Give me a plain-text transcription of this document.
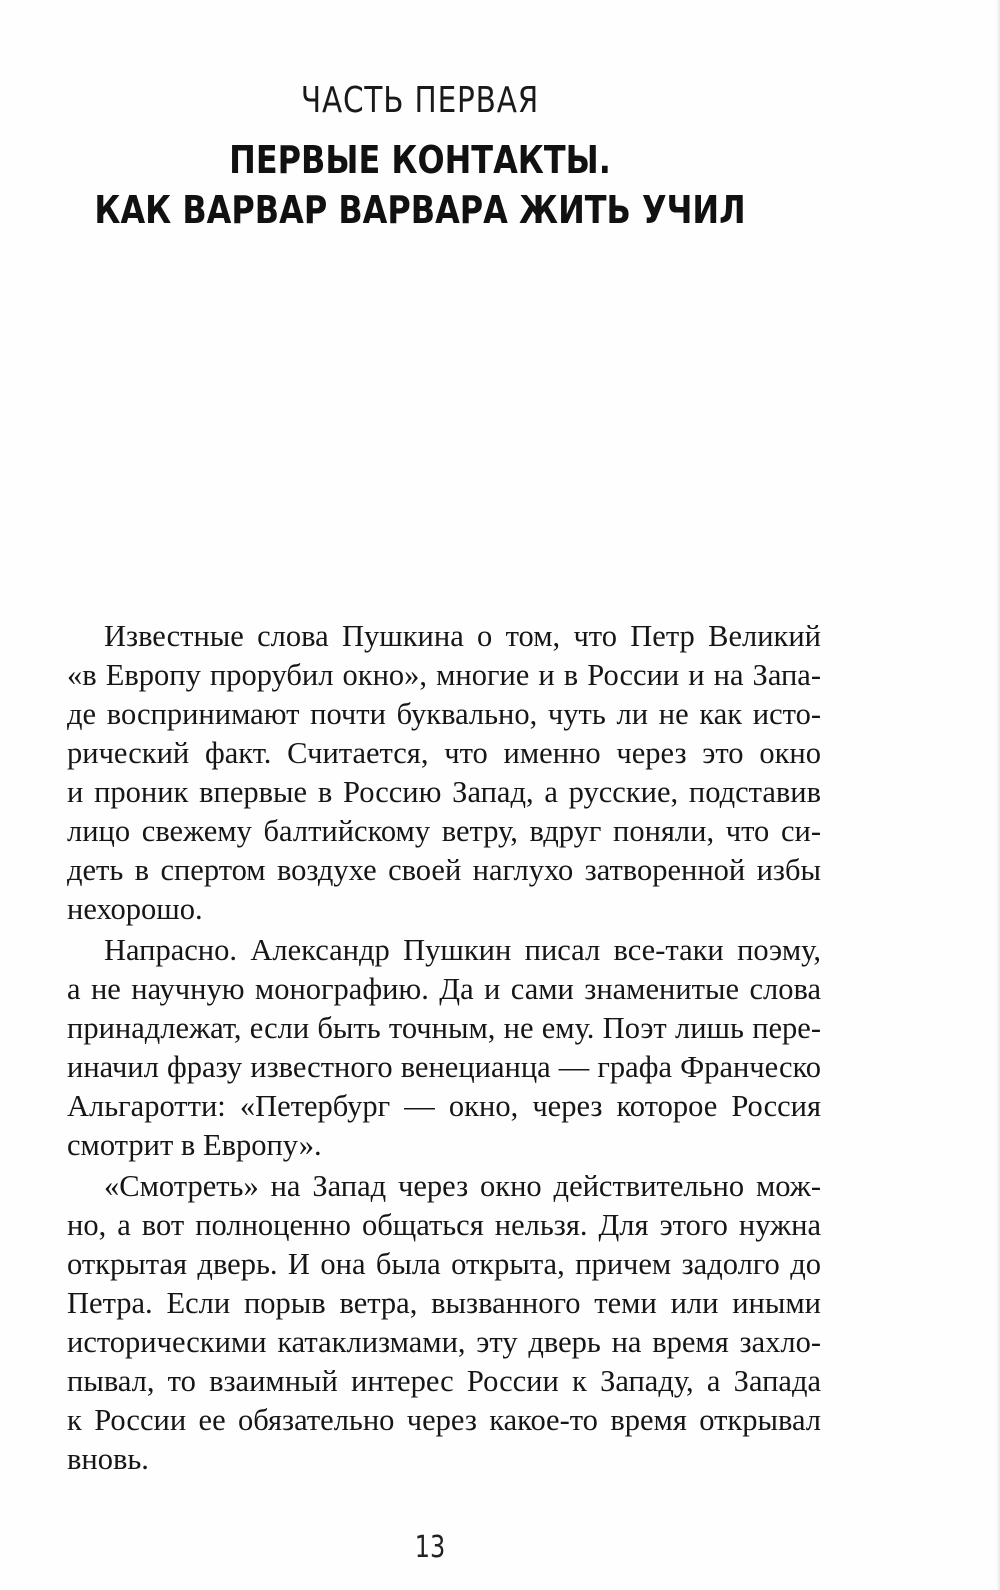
ЧАСТЬ ПЕРВАЯ
ПЕРВЫЕ КОНТАКТЫ.
КАК ВАРВАР ВАРВАРА ЖИТЬ УЧИЛ

Известные слова Пушкина о том, что Петр Великий
«в Европу прорубил окно», многие и в России и на Запа-
де воспринимают почти буквально, чуть ли не как исто-
рический факт. Считается, что именно через это окно
и проник впервые в Россию Запад, а русские, подставив
лицо свежему балтийскому ветру, вдруг поняли, что си-
деть в спертом воздухе своей наглухо затворенной избы
нехорошо.

Напрасно. Александр Пушкин писал все-таки поэму,
а не научную монографию. Да и сами знаменитые слова
принадлежат, если быть точным, не ему. Поэт лишь пере-
иначил фразу известного венецианца — графа Франческо
Альгаротти: «Петербург — окно, через которое Россия
смотрит в Европу».

«Смотреть» на Запад через окно действительно мож-
но, а вот полноценно общаться нельзя. Для этого нужна
открытая дверь. И она была открыта, причем задолго до
Петра. Если порыв ветра, вызванного теми или иными
историческими катаклизмами, эту дверь на время захло-
пывал, то взаимный интерес России к Западу, а Запада
к России ее обязательно через какое-то время открывал
вновь.

13
